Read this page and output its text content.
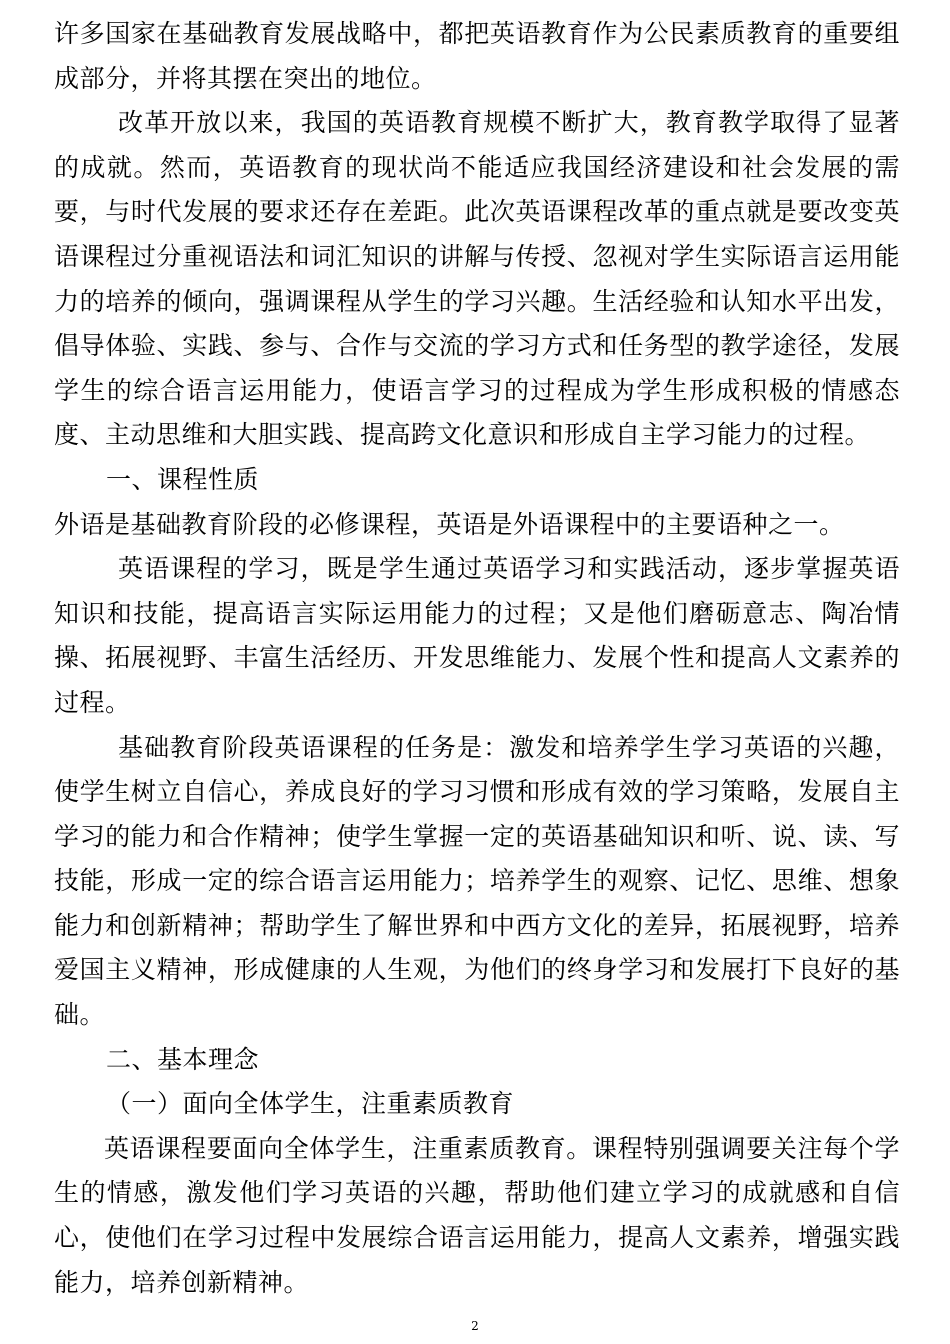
许多国家在基础教育发展战略中，都把英语教育作为公民素质教育的重要组成部分，并将其摆在突出的地位。

改革开放以来，我国的英语教育规模不断扩大，教育教学取得了显著的成就。然而，英语教育的现状尚不能适应我国经济建设和社会发展的需要，与时代发展的要求还存在差距。此次英语课程改革的重点就是要改变英语课程过分重视语法和词汇知识的讲解与传授、忽视对学生实际语言运用能力的培养的倾向，强调课程从学生的学习兴趣。生活经验和认知水平出发，倡导体验、实践、参与、合作与交流的学习方式和任务型的教学途径，发展学生的综合语言运用能力，使语言学习的过程成为学生形成积极的情感态度、主动思维和大胆实践、提高跨文化意识和形成自主学习能力的过程。

一、课程性质

外语是基础教育阶段的必修课程，英语是外语课程中的主要语种之一。

英语课程的学习，既是学生通过英语学习和实践活动，逐步掌握英语知识和技能，提高语言实际运用能力的过程；又是他们磨砺意志、陶冶情操、拓展视野、丰富生活经历、开发思维能力、发展个性和提高人文素养的过程。

基础教育阶段英语课程的任务是：激发和培养学生学习英语的兴趣，使学生树立自信心，养成良好的学习习惯和形成有效的学习策略，发展自主学习的能力和合作精神；使学生掌握一定的英语基础知识和听、说、读、写技能，形成一定的综合语言运用能力；培养学生的观察、记忆、思维、想象能力和创新精神；帮助学生了解世界和中西方文化的差异，拓展视野，培养爱国主义精神，形成健康的人生观，为他们的终身学习和发展打下良好的基础。

二、基本理念

（一）面向全体学生，注重素质教育

英语课程要面向全体学生，注重素质教育。课程特别强调要关注每个学生的情感，激发他们学习英语的兴趣，帮助他们建立学习的成就感和自信心，使他们在学习过程中发展综合语言运用能力，提高人文素养，增强实践能力，培养创新精神。

2
